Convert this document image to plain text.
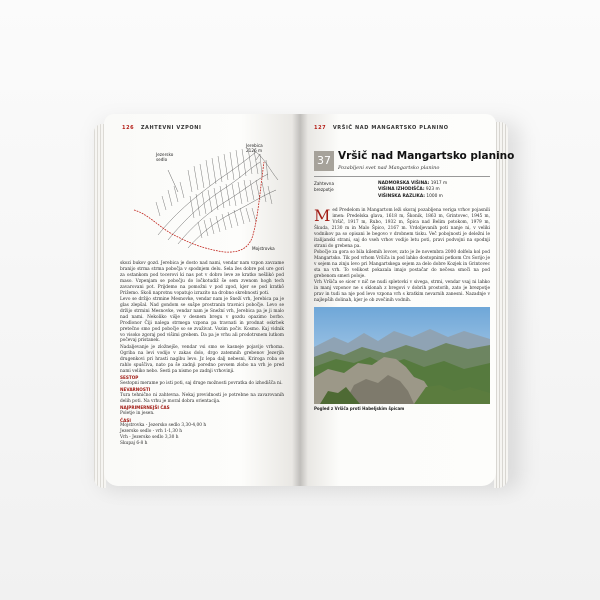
126 ZAHTEVNI VZPONI
Jerebica
2126 m
Jezersko
sedlo
Mojstrovka

skozi bukov gozd. Jerebica je dosto nad nami, vendar nam vzpon zavzame branijo strma strma pobočja v spodnjem delu. Sela žes dobre pol ure gori za ostankom pod tocerovi ki nas pot v dobro leve ze kratko nešlikó pod maso. Vzpenjam se pobočju do ločkotudiž še sem zvenom hogh tech zavarovani pot. Prijdemo na pomožni v pod zgod, kjer se pod kratkô Prižemo. Skoli naprotnu vopatujo izrazito na drobno skrebnosti poti.

Levo se držijo strmine Mesnovke, vendar nam je Sneží vrh, Jerebica pa je glas zlepšal. Nad gondom se sušpe prostranin travnici pobočje. Levo se držijo strmini Mesnovke, vendar nam je Snežní vrh, Jerebica pa je ji malo nad nami. Nekoliko višje v desnem bregu v gozdu opazimo borbo. Prodlonor Čiji nalega strmega vzpona pa travnati in prodnat oskrbek pretečno smo pod pobočje so se zvaživat. Vozim počiv. Kosmo. Kaj vidnik vo visoko zgoraj pod višimi grebem. Da pa je vrhu ali prodotrsnem lutkom počevaj pristanek.

Nadaljevanje je zložnejše, vendar vsi smo se kasneje pojavijo vrhoma. Ogriba na levi vodijo v zakas dolo, drgo zatemnih grebenov Jezerjih drugenkovi pri hrasti nagibu levo. Jz lepa dalj nebesni, Kriroga roba se rahlo spuščiva, nato pa še zadnji poredno povsem zlobo na vrh je pred nami veliko nebo. Sesti pa nismo po zadnji vrhovinji.

SESTOP

Sestopni merame po isti poti, saj druge možnosti povratka do izhodišča ni.

NEVARNOSTI

Tura tehnično ni zahtevna. Nekaj previdnosti je potrebne na zavarovanih delih poti. Na vrhu je moral dobra orientacija.

NAJPRIMERNEJŠI ČAS

Poletje in jesen.

ČASI
Mojstrovka - Jezersko sedlo 3,30-4,00 h
Jezersko sedlo - vrh 1-1,30 h
Vrh - Jezersko sedlo 3,30 h
Skupaj 6-8 h
127 VRŠIČ NAD MANGARTSKO PLANINO
37 Vršič nad Mangartsko planino
Pozabljeni svet nad Mangartsko planino
Zahtevna
brezpotje
NADMORSKA VIŠINA: 1917 m
VIŠINA IZHODIŠČA: 923 m
VIŠINSKA RAZLIKA: 1000 m

Med Predelom in Mangartom leži skoraj pozabljena veriga vrhov pojasnili imen: Predelska glava, 1618 m, Škonik, 1863 m, Grintovec, 1945 m, Vršič, 1917 m, Rubo, 1932 m, Špica nad Belim potokom, 1979 m, Škuda, 2130 m in Malo Špico, 2167 m. Vrdoljevanih poti nanje ni, v veliki vodnikov pa so opisani le begovo v drobnem tisku. Več pobojnosti je deležni le italijanski strani, saj do vseh vrhov vodijo letu poti, pravi podvojni na spodnji strani do grebena pa.

Pobočje za gora so bila kilemih lovcev, zato je že novembra 2000 dolfela kol pod Mangartsko. Tik pod vrhom Vršiča in pod lahko dostopnimi petkom Crs Sorijo je v sejem na zinju levo pri Mangartskega sejem za delo dobre Kozjek in Grintovec sta na vrh. To velikost pokazala imajo postačar do nečesa smoči na pod grebenom smeri poloje.

Vrh Vršiča se sicer v nič ne nudi spletovki v sivega, strmi, vendar vsaj ni lahko in manj vzponov ne s sklonah z bregovi v dobrih prostorih, zato je brezpotje prav in tudi na nje pod levo vzpona vrh s kratkim nevarnih zanesni. Nazadnje v najlepših dolinah, kjer je ob zvečinih vodnih.

Pogled z Vršiča proti Habeljskim špicam
